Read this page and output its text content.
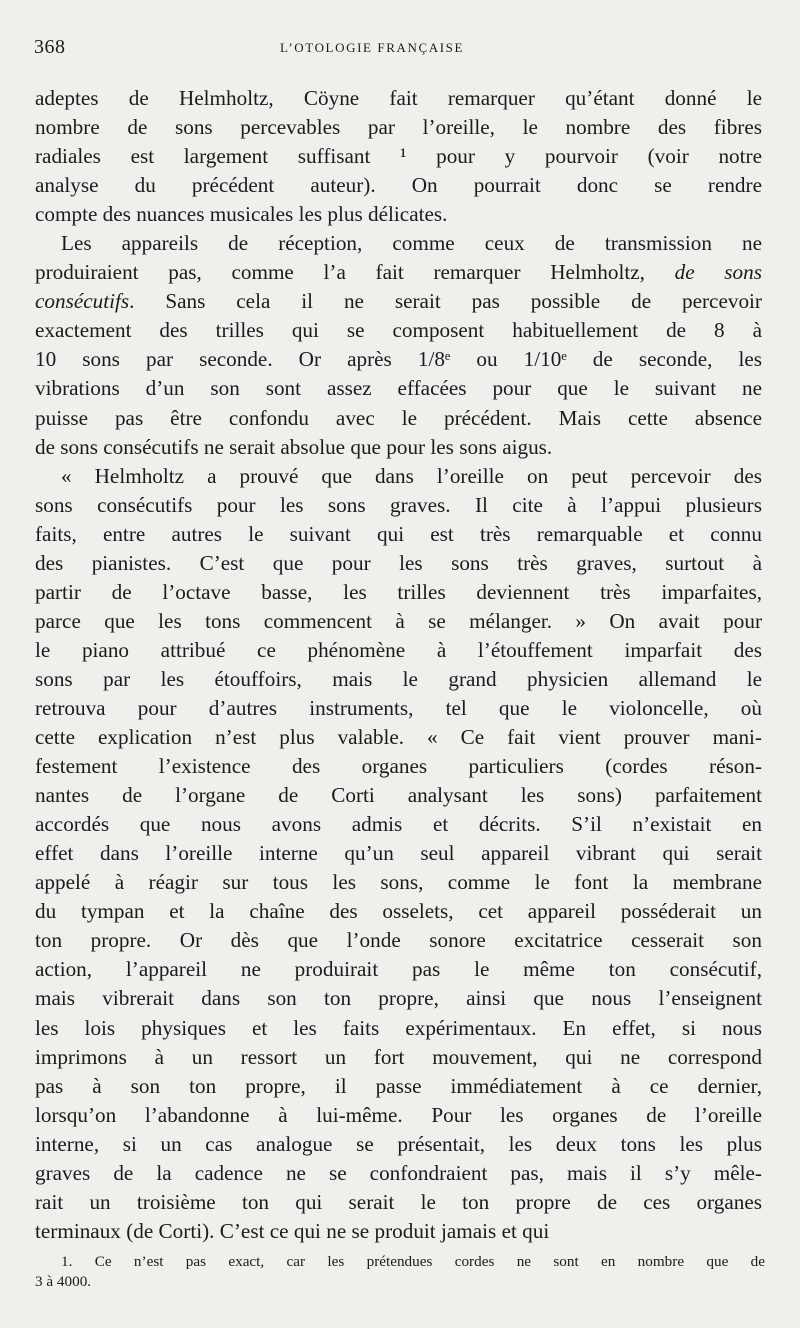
368	L’OTOLOGIE FRANÇAISE
adeptes de Helmholtz, Cöyne fait remarquer qu’étant donné le
nombre de sons percevables par l’oreille, le nombre des fibres
radiales est largement suffisant ¹ pour y pourvoir (voir notre
analyse du précédent auteur). On pourrait donc se rendre
compte des nuances musicales les plus délicates.
Les appareils de réception, comme ceux de transmission ne
produiraient pas, comme l’a fait remarquer Helmholtz, de sons
consécutifs. Sans cela il ne serait pas possible de percevoir
exactement des trilles qui se composent habituellement de 8 à
10 sons par seconde. Or après 1/8ᵉ ou 1/10ᵉ de seconde, les
vibrations d’un son sont assez effacées pour que le suivant ne
puisse pas être confondu avec le précédent. Mais cette absence
de sons consécutifs ne serait absolue que pour les sons aigus.
« Helmholtz a prouvé que dans l’oreille on peut percevoir des
sons consécutifs pour les sons graves. Il cite à l’appui plusieurs
faits, entre autres le suivant qui est très remarquable et connu
des pianistes. C’est que pour les sons très graves, surtout à
partir de l’octave basse, les trilles deviennent très imparfaites,
parce que les tons commencent à se mélanger. » On avait pour
le piano attribué ce phénomène à l’étouffement imparfait des
sons par les étouffoirs, mais le grand physicien allemand le
retrouva pour d’autres instruments, tel que le violoncelle, où
cette explication n’est plus valable. « Ce fait vient prouver mani-
festement l’existence des organes particuliers (cordes réson-
nantes de l’organe de Corti analysant les sons) parfaitement
accordés que nous avons admis et décrits. S’il n’existait en
effet dans l’oreille interne qu’un seul appareil vibrant qui serait
appelé à réagir sur tous les sons, comme le font la membrane
du tympan et la chaîne des osselets, cet appareil posséderait un
ton propre. Or dès que l’onde sonore excitatrice cesserait son
action, l’appareil ne produirait pas le même ton consécutif,
mais vibrerait dans son ton propre, ainsi que nous l’enseignent
les lois physiques et les faits expérimentaux. En effet, si nous
imprimons à un ressort un fort mouvement, qui ne correspond
pas à son ton propre, il passe immédiatement à ce dernier,
lorsqu’on l’abandonne à lui-même. Pour les organes de l’oreille
interne, si un cas analogue se présentait, les deux tons les plus
graves de la cadence ne se confondraient pas, mais il s’y mêle-
rait un troisième ton qui serait le ton propre de ces organes
terminaux (de Corti). C’est ce qui ne se produit jamais et qui
1. Ce n’est pas exact, car les prétendues cordes ne sont en nombre que de
3 à 4000.
